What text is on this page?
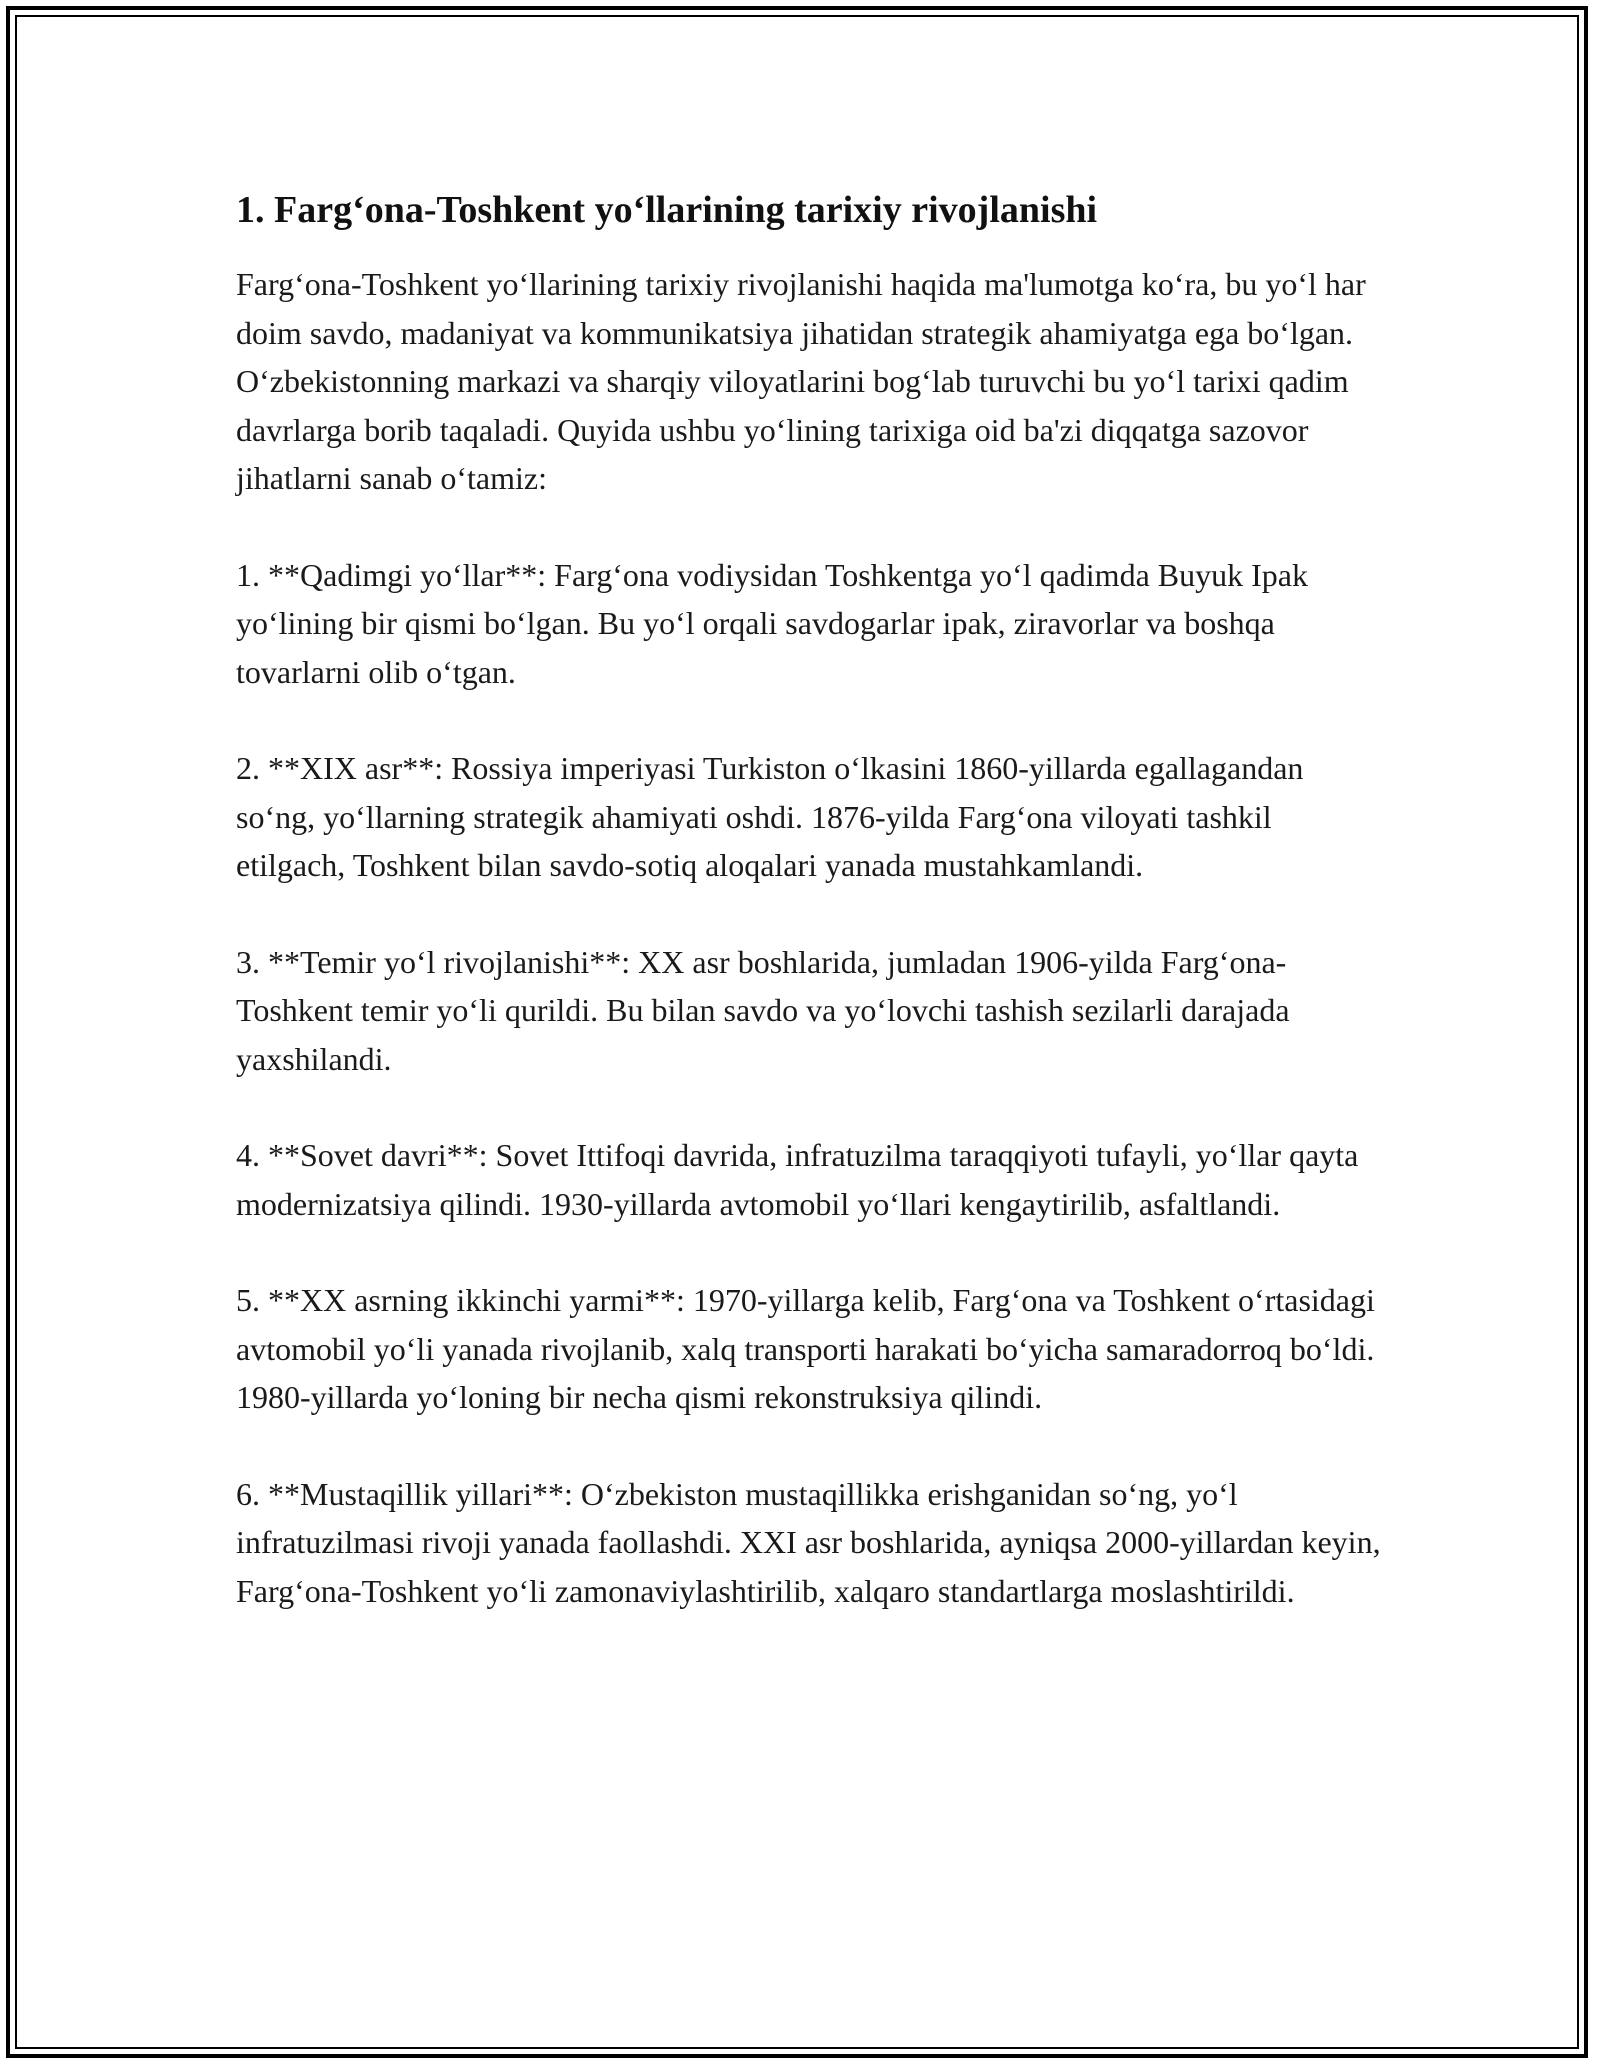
1. Farg‘ona-Toshkent yo‘llarining tarixiy rivojlanishi

Farg‘ona-Toshkent yo‘llarining tarixiy rivojlanishi haqida ma'lumotga ko‘ra, bu yo‘l har doim savdo, madaniyat va kommunikatsiya jihatidan strategik ahamiyatga ega bo‘lgan. O‘zbekistonning markazi va sharqiy viloyatlarini bog‘lab turuvchi bu yo‘l tarixi qadim davrlarga borib taqaladi. Quyida ushbu yo‘lining tarixiga oid ba'zi diqqatga sazovor jihatlarni sanab o‘tamiz:

1. **Qadimgi yo‘llar**: Farg‘ona vodiysidan Toshkentga yo‘l qadimda Buyuk Ipak yo‘lining bir qismi bo‘lgan. Bu yo‘l orqali savdogarlar ipak, ziravorlar va boshqa tovarlarni olib o‘tgan.

2. **XIX asr**: Rossiya imperiyasi Turkiston o‘lkasini 1860-yillarda egallagandan so‘ng, yo‘llarning strategik ahamiyati oshdi. 1876-yilda Farg‘ona viloyati tashkil etilgach, Toshkent bilan savdo-sotiq aloqalari yanada mustahkamlandi.

3. **Temir yo‘l rivojlanishi**: XX asr boshlarida, jumladan 1906-yilda Farg‘ona-Toshkent temir yo‘li qurildi. Bu bilan savdo va yo‘lovchi tashish sezilarli darajada yaxshilandi.

4. **Sovet davri**: Sovet Ittifoqi davrida, infratuzilma taraqqiyoti tufayli, yo‘llar qayta modernizatsiya qilindi. 1930-yillarda avtomobil yo‘llari kengaytirilib, asfaltlandi.

5. **XX asrning ikkinchi yarmi**: 1970-yillarga kelib, Farg‘ona va Toshkent o‘rtasidagi avtomobil yo‘li yanada rivojlanib, xalq transporti harakati bo‘yicha samaradorroq bo‘ldi. 1980-yillarda yo‘loning bir necha qismi rekonstruksiya qilindi.

6. **Mustaqillik yillari**: O‘zbekiston mustaqillikka erishganidan so‘ng, yo‘l infratuzilmasi rivoji yanada faollashdi. XXI asr boshlarida, ayniqsa 2000-yillardan keyin, Farg‘ona-Toshkent yo‘li zamonaviylashtirilib, xalqaro standartlarga moslashtirildi.
